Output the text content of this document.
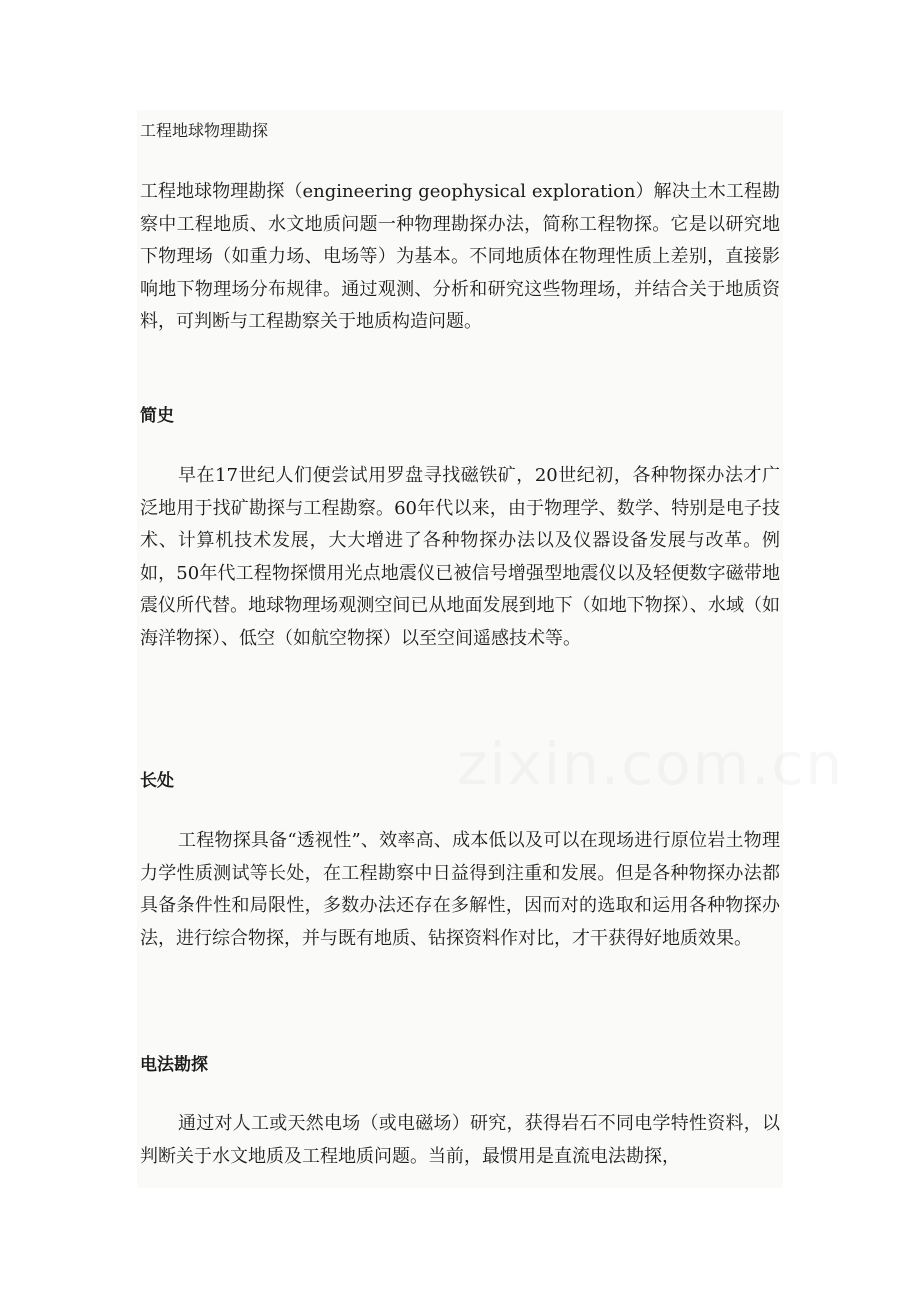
zixin.com.cn
工程地球物理勘探
工程地球物理勘探（engineering geophysical exploration）解决土木工程勘察中工程地质、水文地质问题一种物理勘探办法，简称工程物探。它是以研究地下物理场（如重力场、电场等）为基本。不同地质体在物理性质上差别，直接影响地下物理场分布规律。通过观测、分析和研究这些物理场，并结合关于地质资料，可判断与工程勘察关于地质构造问题。
简史
早在17世纪人们便尝试用罗盘寻找磁铁矿，20世纪初，各种物探办法才广泛地用于找矿勘探与工程勘察。60年代以来，由于物理学、数学、特别是电子技术、计算机技术发展，大大增进了各种物探办法以及仪器设备发展与改革。例如，50年代工程物探惯用光点地震仪已被信号增强型地震仪以及轻便数字磁带地震仪所代替。地球物理场观测空间已从地面发展到地下（如地下物探）、水域（如海洋物探）、低空（如航空物探）以至空间遥感技术等。
长处
工程物探具备“透视性”、效率高、成本低以及可以在现场进行原位岩土物理力学性质测试等长处，在工程勘察中日益得到注重和发展。但是各种物探办法都具备条件性和局限性，多数办法还存在多解性，因而对的选取和运用各种物探办法，进行综合物探，并与既有地质、钻探资料作对比，才干获得好地质效果。
电法勘探
通过对人工或天然电场（或电磁场）研究，获得岩石不同电学特性资料，以判断关于水文地质及工程地质问题。当前，最惯用是直流电法勘探，
